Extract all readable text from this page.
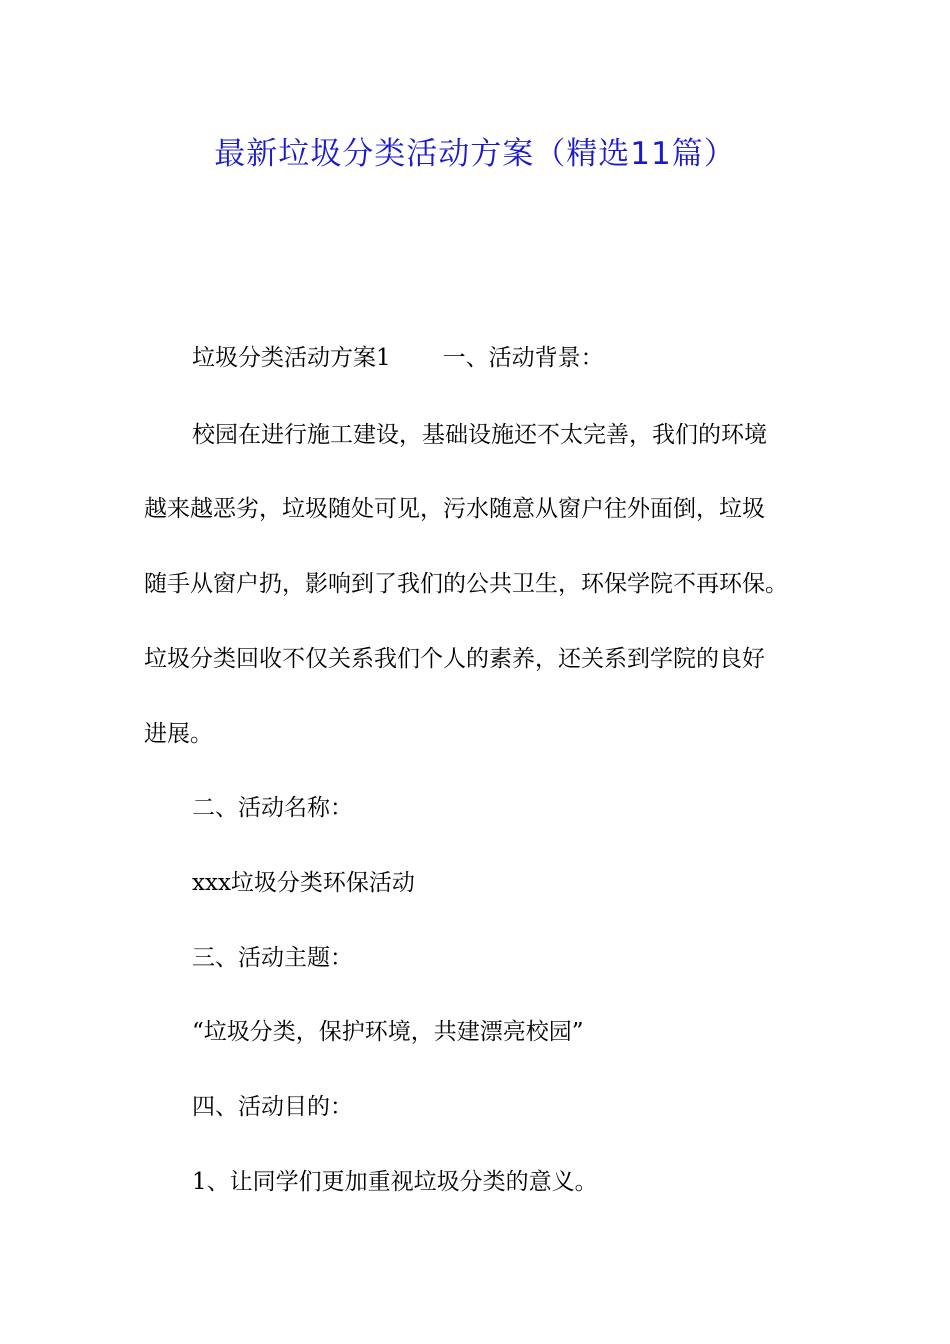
最新垃圾分类活动方案（精选11篇）

垃圾分类活动方案1 一、活动背景：

校园在进行施工建设，基础设施还不太完善，我们的环境

越来越恶劣，垃圾随处可见，污水随意从窗户往外面倒，垃圾

随手从窗户扔，影响到了我们的公共卫生，环保学院不再环保。

垃圾分类回收不仅关系我们个人的素养，还关系到学院的良好

进展。

二、活动名称：

xxx垃圾分类环保活动

三、活动主题：

“垃圾分类，保护环境，共建漂亮校园”

四、活动目的：

1、让同学们更加重视垃圾分类的意义。
